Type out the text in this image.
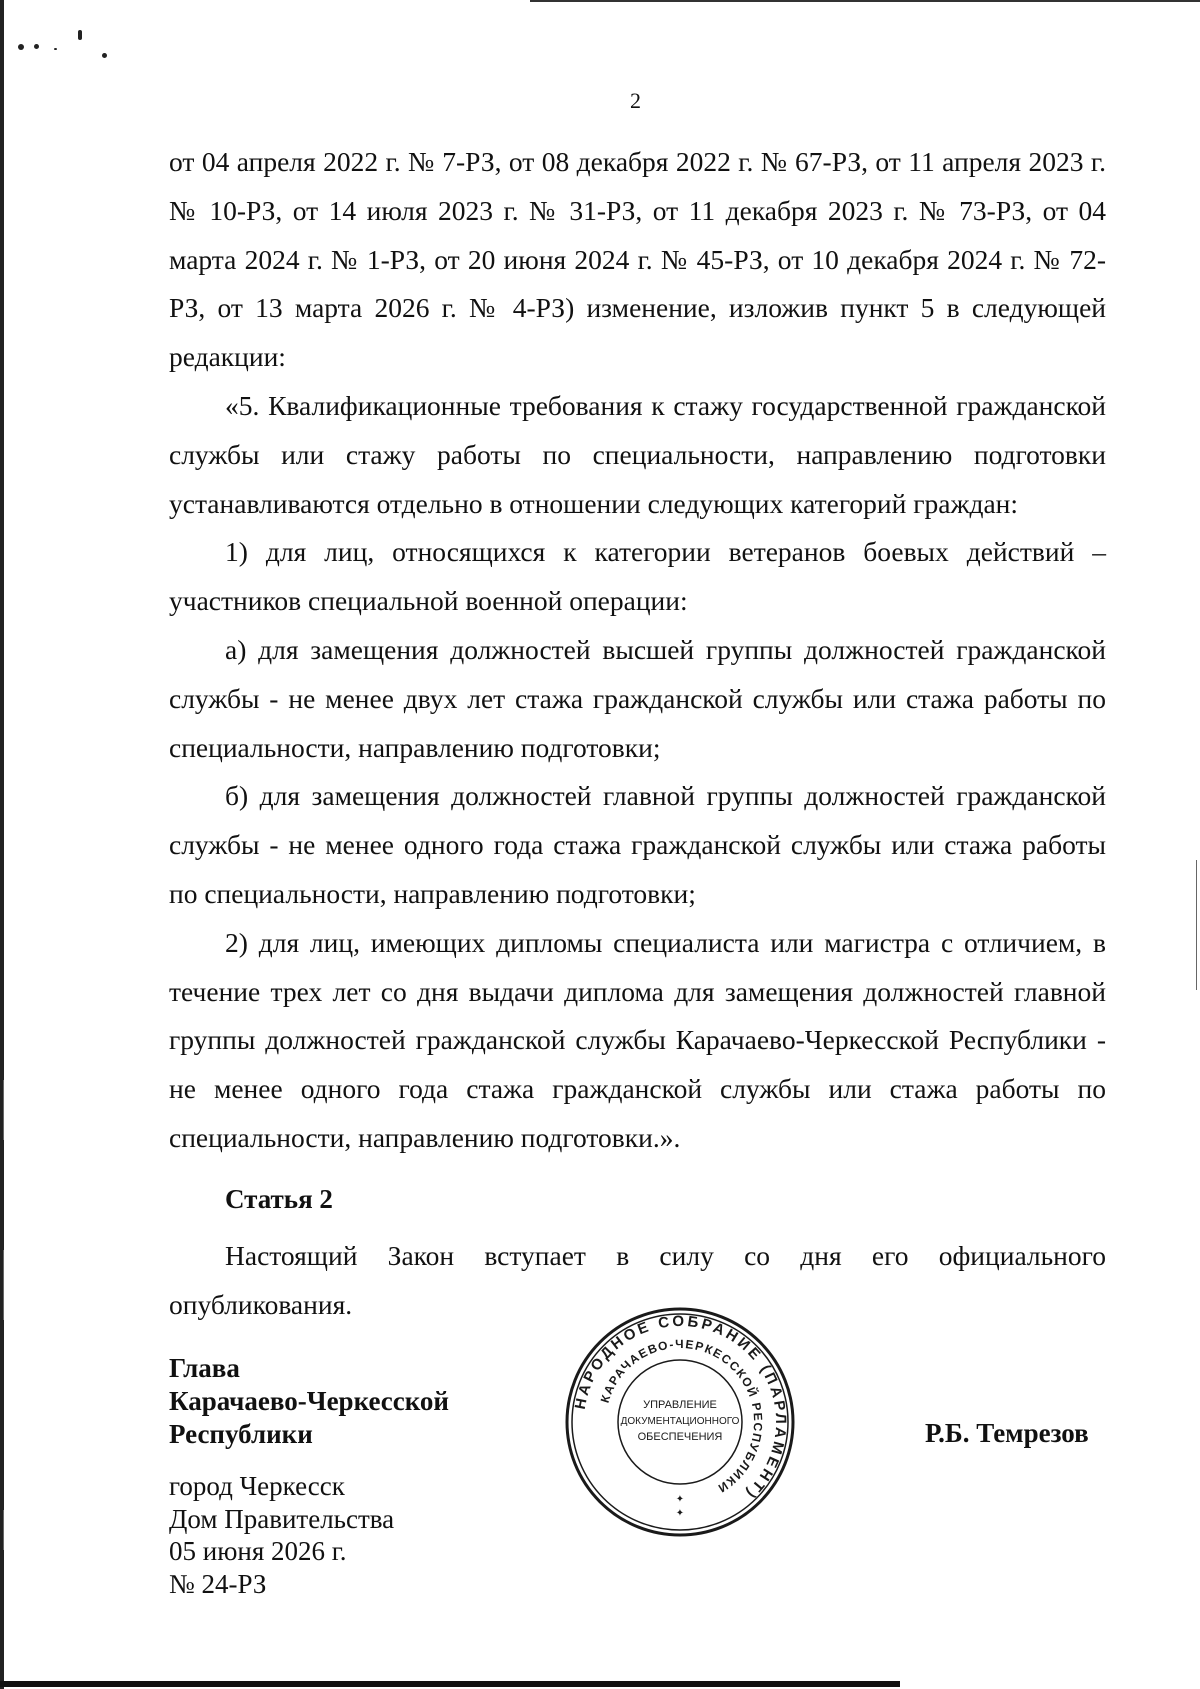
2

от 04 апреля 2022 г. № 7-РЗ, от 08 декабря 2022 г. № 67-РЗ, от 11 апреля 2023 г. № 10-РЗ, от 14 июля 2023 г. № 31-РЗ, от 11 декабря 2023 г. № 73-РЗ, от 04 марта 2024 г. № 1-РЗ, от 20 июня 2024 г. № 45-РЗ, от 10 декабря 2024 г. № 72-РЗ, от 13 марта 2026 г. № 4-РЗ) изменение, изложив пункт 5 в следующей редакции:

«5. Квалификационные требования к стажу государственной гражданской службы или стажу работы по специальности, направлению подготовки устанавливаются отдельно в отношении следующих категорий граждан:

1) для лиц, относящихся к категории ветеранов боевых действий – участников специальной военной операции:

а) для замещения должностей высшей группы должностей гражданской службы - не менее двух лет стажа гражданской службы или стажа работы по специальности, направлению подготовки;

б) для замещения должностей главной группы должностей гражданской службы - не менее одного года стажа гражданской службы или стажа работы по специальности, направлению подготовки;

2) для лиц, имеющих дипломы специалиста или магистра с отличием, в течение трех лет со дня выдачи диплома для замещения должностей главной группы должностей гражданской службы Карачаево-Черкесской Республики - не менее одного года стажа гражданской службы или стажа работы по специальности, направлению подготовки.».

Статья 2

Настоящий Закон вступает в силу со дня его официального

опубликования.

Глава
Карачаево-Черкесской
Республики
НАРОДНОЕ СОБРАНИЕ (ПАРЛАМЕНТ)
КАРАЧАЕВО-ЧЕРКЕССКОЙ РЕСПУБЛИКИ
УПРАВЛЕНИЕ
ДОКУМЕНТАЦИОННОГО
ОБЕСПЕЧЕНИЯ
✦
✦
Р.Б. Темрезов
город Черкесск
Дом Правительства
05 июня 2026 г.
№ 24-РЗ
